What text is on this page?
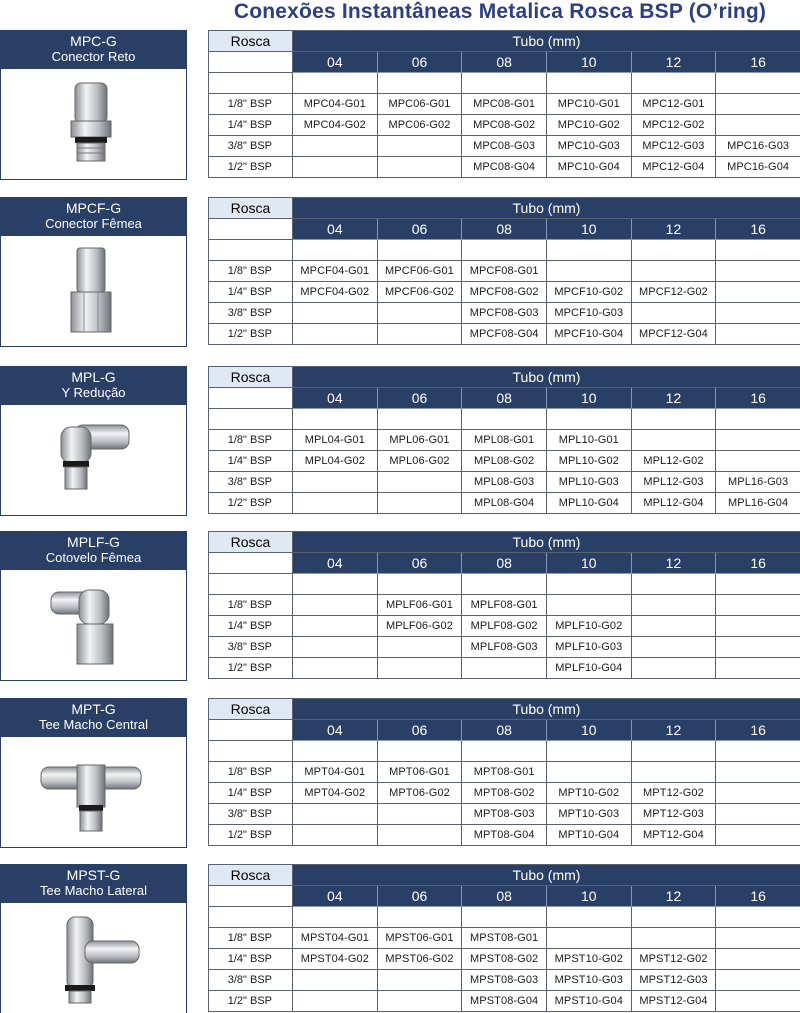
Conexões Instantâneas Metalica Rosca BSP (O’ring)
MPC-G
Conector Reto
Rosca	Tubo (mm)					
	04	06	08	10	12	16

1/8" BSP	MPC04-G01	MPC06-G01	MPC08-G01	MPC10-G01	MPC12-G01	
1/4" BSP	MPC04-G02	MPC06-G02	MPC08-G02	MPC10-G02	MPC12-G02	
3/8" BSP			MPC08-G03	MPC10-G03	MPC12-G03	MPC16-G03
1/2" BSP			MPC08-G04	MPC10-G04	MPC12-G04	MPC16-G04
MPCF-G
Conector Fêmea
Rosca	Tubo (mm)					
	04	06	08	10	12	16

1/8" BSP	MPCF04-G01	MPCF06-G01	MPCF08-G01			
1/4" BSP	MPCF04-G02	MPCF06-G02	MPCF08-G02	MPCF10-G02	MPCF12-G02	
3/8" BSP			MPCF08-G03	MPCF10-G03		
1/2" BSP			MPCF08-G04	MPCF10-G04	MPCF12-G04	
MPL-G
Y Redução
Rosca	Tubo (mm)					
	04	06	08	10	12	16

1/8" BSP	MPL04-G01	MPL06-G01	MPL08-G01	MPL10-G01		
1/4" BSP	MPL04-G02	MPL06-G02	MPL08-G02	MPL10-G02	MPL12-G02	
3/8" BSP			MPL08-G03	MPL10-G03	MPL12-G03	MPL16-G03
1/2" BSP			MPL08-G04	MPL10-G04	MPL12-G04	MPL16-G04
MPLF-G
Cotovelo Fêmea
Rosca	Tubo (mm)					
	04	06	08	10	12	16

1/8" BSP		MPLF06-G01	MPLF08-G01			
1/4" BSP		MPLF06-G02	MPLF08-G02	MPLF10-G02		
3/8" BSP			MPLF08-G03	MPLF10-G03		
1/2" BSP				MPLF10-G04		
MPT-G
Tee Macho Central
Rosca	Tubo (mm)					
	04	06	08	10	12	16

1/8" BSP	MPT04-G01	MPT06-G01	MPT08-G01			
1/4" BSP	MPT04-G02	MPT06-G02	MPT08-G02	MPT10-G02	MPT12-G02	
3/8" BSP			MPT08-G03	MPT10-G03	MPT12-G03	
1/2" BSP			MPT08-G04	MPT10-G04	MPT12-G04	
MPST-G
Tee Macho Lateral
Rosca	Tubo (mm)					
	04	06	08	10	12	16

1/8" BSP	MPST04-G01	MPST06-G01	MPST08-G01			
1/4" BSP	MPST04-G02	MPST06-G02	MPST08-G02	MPST10-G02	MPST12-G02	
3/8" BSP			MPST08-G03	MPST10-G03	MPST12-G03	
1/2" BSP			MPST08-G04	MPST10-G04	MPST12-G04	
